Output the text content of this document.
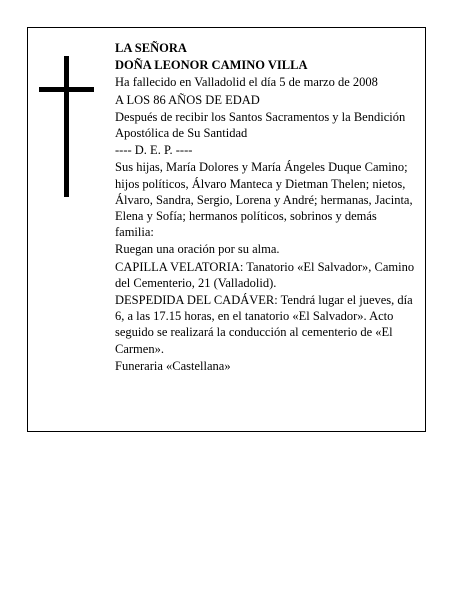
LA SEÑORA

DOÑA LEONOR CAMINO VILLA

Ha fallecido en Valladolid el día 5 de marzo de 2008

A LOS 86 AÑOS DE EDAD

Después de recibir los Santos Sacramentos y la Bendición Apostólica de Su Santidad

---- D. E. P. ----

Sus hijas, María Dolores y María Ángeles Duque Camino; hijos políticos, Álvaro Manteca y Dietman Thelen; nietos, Álvaro, Sandra, Sergio, Lorena y André; hermanas, Jacinta, Elena y Sofía; hermanos políticos, sobrinos y demás familia:

Ruegan una oración por su alma.

CAPILLA VELATORIA: Tanatorio «El Salvador», Camino del Cementerio, 21 (Valladolid).

DESPEDIDA DEL CADÁVER: Tendrá lugar el jueves, día 6, a las 17.15 horas, en el tanatorio «El Salvador». Acto seguido se realizará la conducción al cementerio de «El Carmen».

Funeraria «Castellana»
